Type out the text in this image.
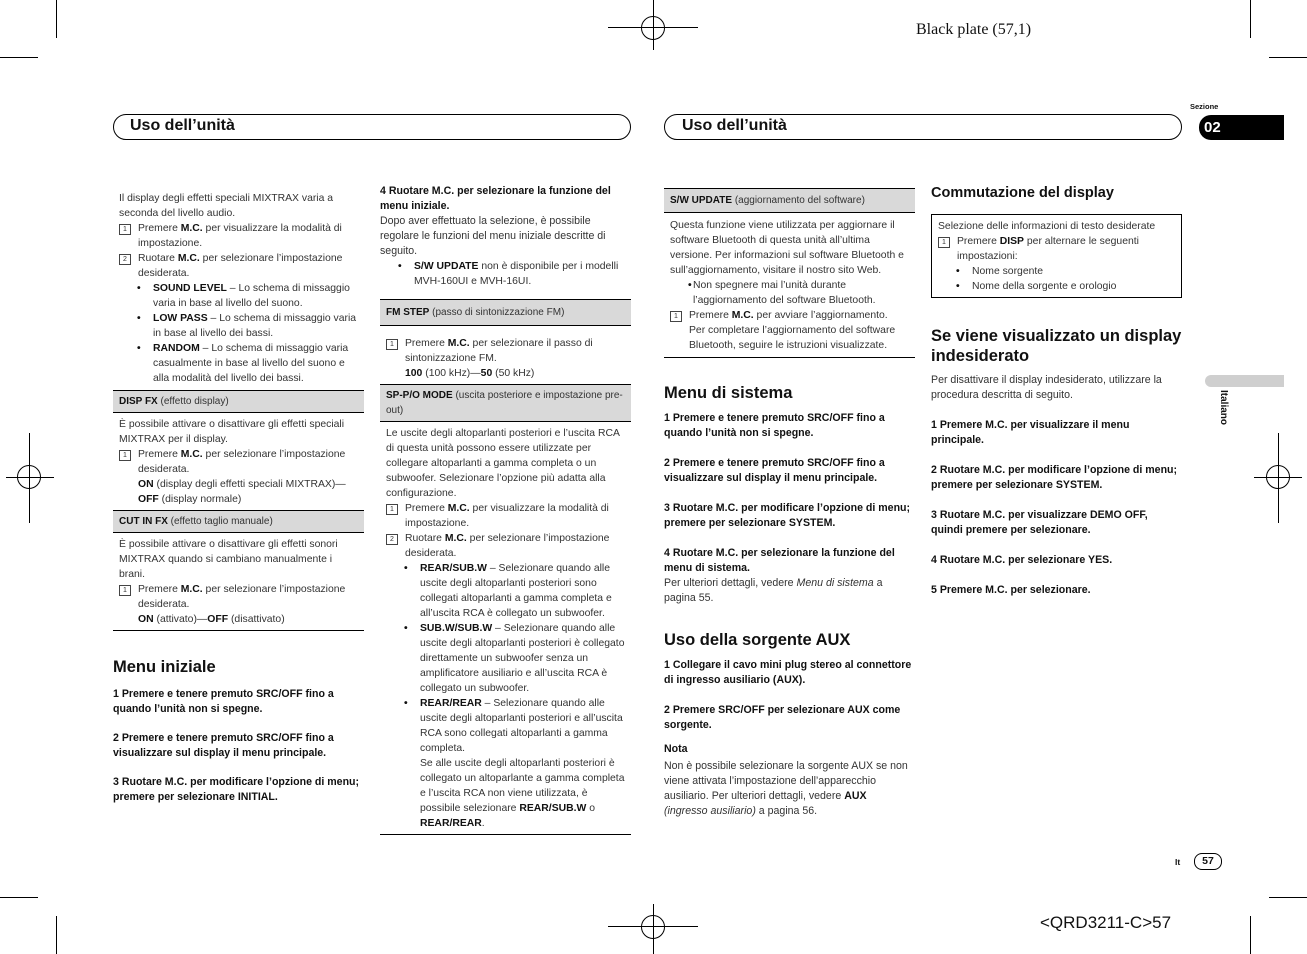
Black plate (57,1)
<QRD3211-C>57
Uso dell’unità	Uso dell’unità
Sezione
02
Italiano
It	57
Il display degli effetti speciali MIXTRAX varia a seconda del livello audio.
1	Premere M.C. per visualizzare la modalità di impostazione.
2	Ruotare M.C. per selezionare l’impostazione desiderata.
• SOUND LEVEL – Lo schema di missaggio varia in base al livello del suono.
• LOW PASS – Lo schema di missaggio varia in base al livello dei bassi.
• RANDOM – Lo schema di missaggio varia casualmente in base al livello del suono e alla modalità del livello dei bassi.
DISP FX (effetto display)
È possibile attivare o disattivare gli effetti speciali MIXTRAX per il display.
1	Premere M.C. per selezionare l’impostazione desiderata.
ON (display degli effetti speciali MIXTRAX)—OFF (display normale)
CUT IN FX (effetto taglio manuale)
È possibile attivare o disattivare gli effetti sonori MIXTRAX quando si cambiano manualmente i brani.
1	Premere M.C. per selezionare l’impostazione desiderata.
ON (attivato)—OFF (disattivato)
Menu iniziale
1 Premere e tenere premuto SRC/OFF fino a quando l’unità non si spegne.
2 Premere e tenere premuto SRC/OFF fino a visualizzare sul display il menu principale.
3 Ruotare M.C. per modificare l’opzione di menu; premere per selezionare INITIAL.
4 Ruotare M.C. per selezionare la funzione del menu iniziale.
Dopo aver effettuato la selezione, è possibile regolare le funzioni del menu iniziale descritte di seguito.
• S/W UPDATE non è disponibile per i modelli MVH-160UI e MVH-16UI.
FM STEP (passo di sintonizzazione FM)
1	Premere M.C. per selezionare il passo di sintonizzazione FM.
100 (100 kHz)—50 (50 kHz)
SP-P/O MODE (uscita posteriore e impostazione pre-out)
Le uscite degli altoparlanti posteriori e l’uscita RCA di questa unità possono essere utilizzate per collegare altoparlanti a gamma completa o un subwoofer. Selezionare l’opzione più adatta alla configurazione.
1	Premere M.C. per visualizzare la modalità di impostazione.
2	Ruotare M.C. per selezionare l’impostazione desiderata.
• REAR/SUB.W – Selezionare quando alle uscite degli altoparlanti posteriori sono collegati altoparlanti a gamma completa e all’uscita RCA è collegato un subwoofer.
• SUB.W/SUB.W – Selezionare quando alle uscite degli altoparlanti posteriori è collegato direttamente un subwoofer senza un amplificatore ausiliario e all’uscita RCA è collegato un subwoofer.
• REAR/REAR – Selezionare quando alle uscite degli altoparlanti posteriori e all’uscita RCA sono collegati altoparlanti a gamma completa.
Se alle uscite degli altoparlanti posteriori è collegato un altoparlante a gamma completa e l’uscita RCA non viene utilizzata, è possibile selezionare REAR/SUB.W o REAR/REAR.
S/W UPDATE (aggiornamento del software)
Questa funzione viene utilizzata per aggiornare il software Bluetooth di questa unità all’ultima versione. Per informazioni sul software Bluetooth e sull’aggiornamento, visitare il nostro sito Web.
• Non spegnere mai l’unità durante l’aggiornamento del software Bluetooth.
1	Premere M.C. per avviare l’aggiornamento.
Per completare l’aggiornamento del software Bluetooth, seguire le istruzioni visualizzate.
Menu di sistema
1 Premere e tenere premuto SRC/OFF fino a quando l’unità non si spegne.
2 Premere e tenere premuto SRC/OFF fino a visualizzare sul display il menu principale.
3 Ruotare M.C. per modificare l’opzione di menu; premere per selezionare SYSTEM.
4 Ruotare M.C. per selezionare la funzione del menu di sistema.
Per ulteriori dettagli, vedere Menu di sistema a pagina 55.
Uso della sorgente AUX
1 Collegare il cavo mini plug stereo al connettore di ingresso ausiliario (AUX).
2 Premere SRC/OFF per selezionare AUX come sorgente.
Nota
Non è possibile selezionare la sorgente AUX se non viene attivata l’impostazione dell’apparecchio ausiliario. Per ulteriori dettagli, vedere AUX
(ingresso ausiliario) a pagina 56.
Commutazione del display
Selezione delle informazioni di testo desiderate
1	Premere DISP per alternare le seguenti impostazioni:
• Nome sorgente
• Nome della sorgente e orologio
Se viene visualizzato un display indesiderato
Per disattivare il display indesiderato, utilizzare la procedura descritta di seguito.
1 Premere M.C. per visualizzare il menu principale.
2 Ruotare M.C. per modificare l’opzione di menu; premere per selezionare SYSTEM.
3 Ruotare M.C. per visualizzare DEMO OFF, quindi premere per selezionare.
4 Ruotare M.C. per selezionare YES.
5 Premere M.C. per selezionare.
